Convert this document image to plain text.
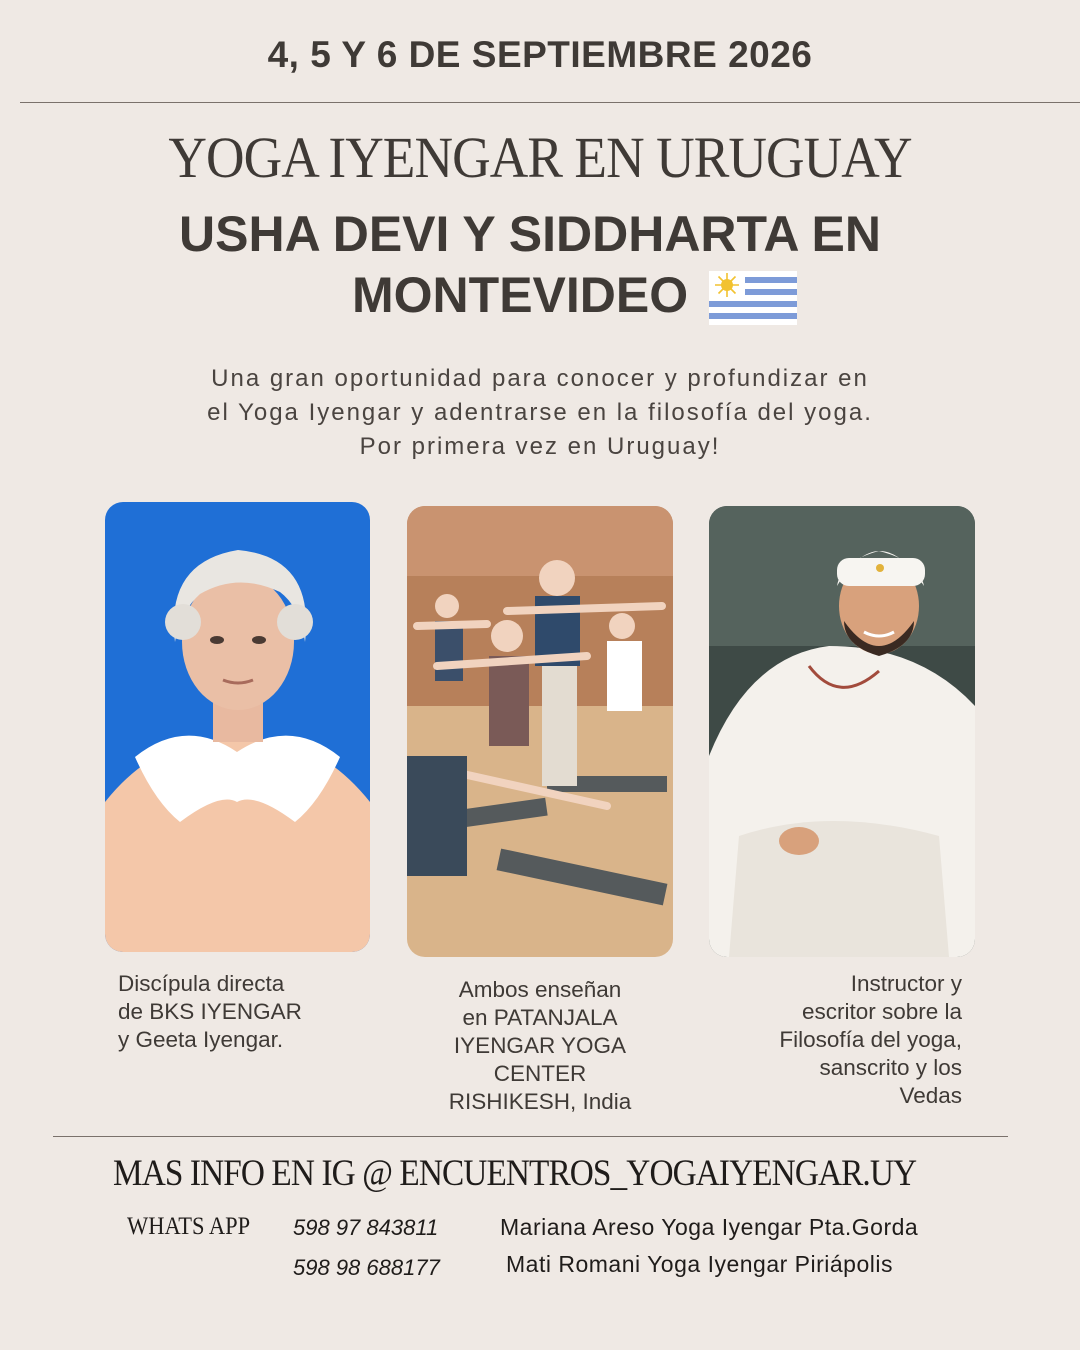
4, 5 Y 6 DE SEPTIEMBRE 2026
YOGA IYENGAR EN URUGUAY
USHA DEVI Y SIDDHARTA EN
MONTEVIDEO
Una gran oportunidad para conocer y profundizar en
el Yoga Iyengar y adentrarse en la filosofía del yoga.
Por primera vez en Uruguay!
Discípula directa
de BKS IYENGAR
y Geeta Iyengar.
Ambos enseñan
en PATANJALA
IYENGAR YOGA
CENTER
RISHIKESH, India
Instructor y
escritor sobre la
Filosofía del yoga,
sanscrito y los
Vedas
MAS INFO EN IG @ ENCUENTROS_YOGAIYENGAR.UY
WHATS APP 598 97 843811
598 98 688177
Mariana Areso Yoga Iyengar Pta.Gorda
Mati Romani Yoga Iyengar Piriápolis
